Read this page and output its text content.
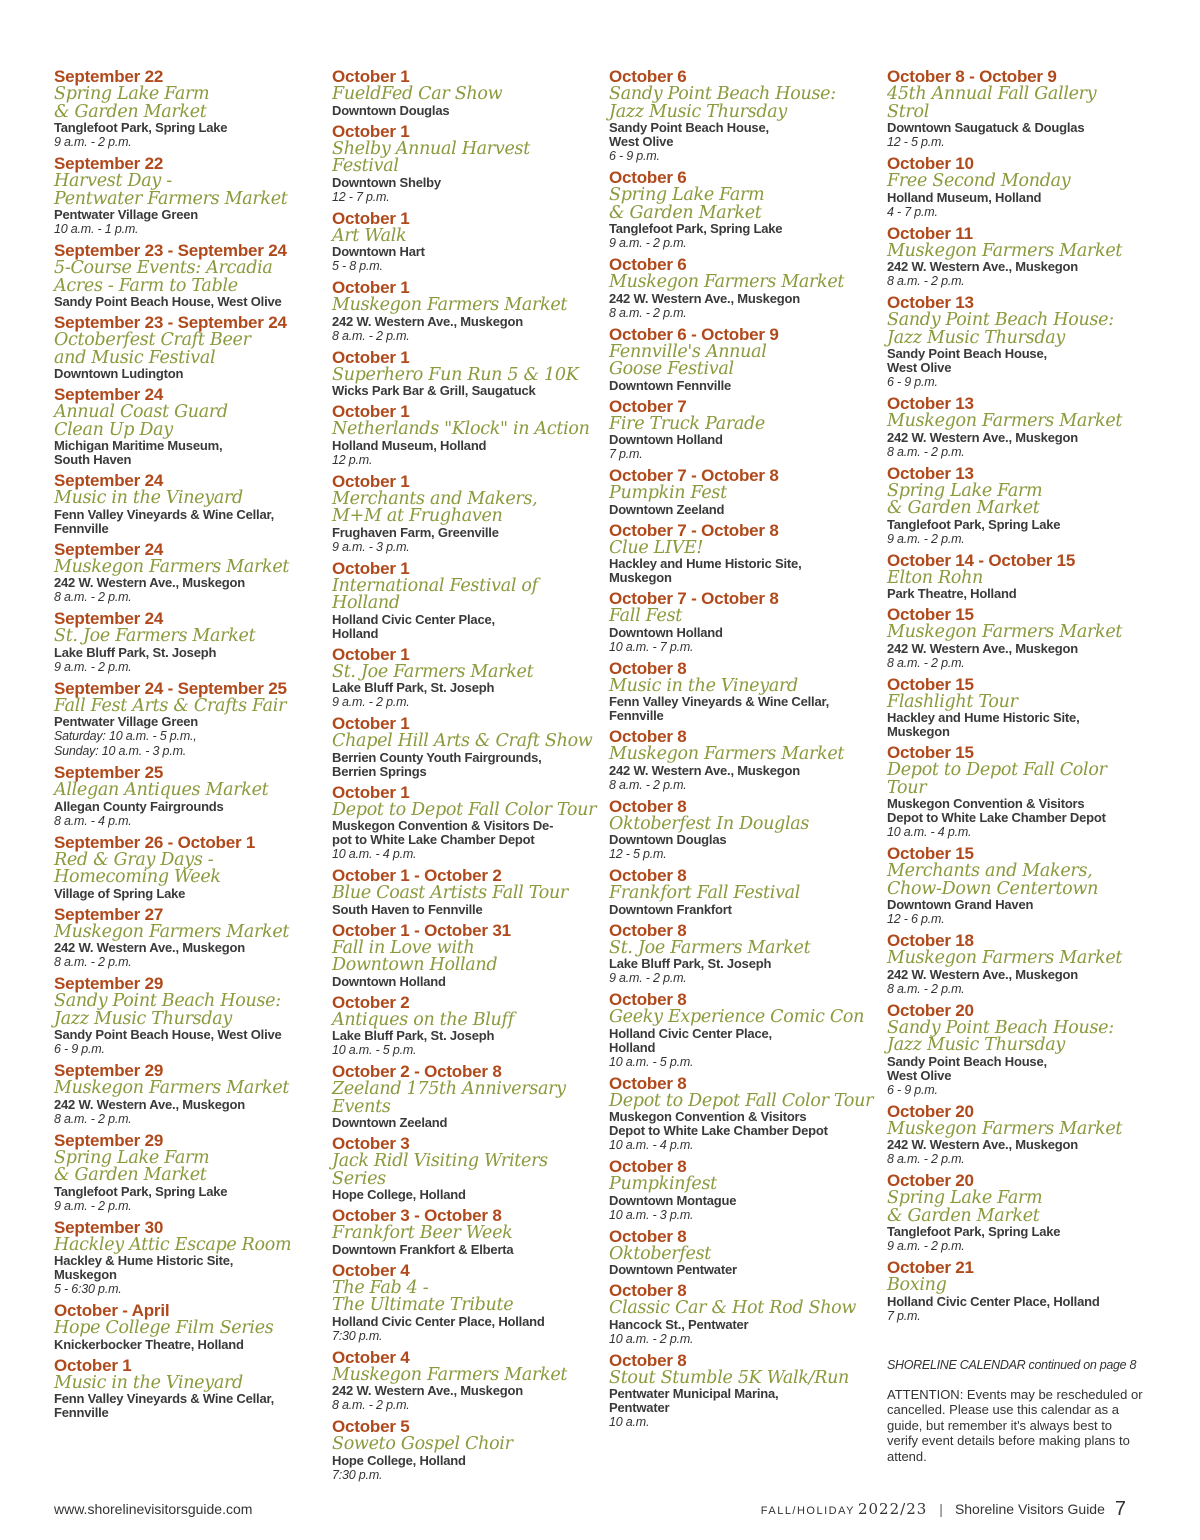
September 22
Spring Lake Farm
& Garden Market
Tanglefoot Park, Spring Lake
9 a.m. - 2 p.m.
September 22
Harvest Day -
Pentwater Farmers Market
Pentwater Village Green
10 a.m. - 1 p.m.
September 23 - September 24
5-Course Events: Arcadia
Acres - Farm to Table
Sandy Point Beach House, West Olive
September 23 - September 24
Octoberfest Craft Beer
and Music Festival
Downtown Ludington
September 24
Annual Coast Guard
Clean Up Day
Michigan Maritime Museum,
South Haven
September 24
Music in the Vineyard
Fenn Valley Vineyards & Wine Cellar,
Fennville
September 24
Muskegon Farmers Market
242 W. Western Ave., Muskegon
8 a.m. - 2 p.m.
September 24
St. Joe Farmers Market
Lake Bluff Park, St. Joseph
9 a.m. - 2 p.m.
September 24 - September 25
Fall Fest Arts & Crafts Fair
Pentwater Village Green
Saturday: 10 a.m. - 5 p.m.,
Sunday: 10 a.m. - 3 p.m.
September 25
Allegan Antiques Market
Allegan County Fairgrounds
8 a.m. - 4 p.m.
September 26 - October 1
Red & Gray Days -
Homecoming Week
Village of Spring Lake
September 27
Muskegon Farmers Market
242 W. Western Ave., Muskegon
8 a.m. - 2 p.m.
September 29
Sandy Point Beach House:
Jazz Music Thursday
Sandy Point Beach House, West Olive
6 - 9 p.m.
September 29
Muskegon Farmers Market
242 W. Western Ave., Muskegon
8 a.m. - 2 p.m.
September 29
Spring Lake Farm
& Garden Market
Tanglefoot Park, Spring Lake
9 a.m. - 2 p.m.
September 30
Hackley Attic Escape Room
Hackley & Hume Historic Site,
Muskegon
5 - 6:30 p.m.
October - April
Hope College Film Series
Knickerbocker Theatre, Holland
October 1
Music in the Vineyard
Fenn Valley Vineyards & Wine Cellar,
Fennville
October 1
FueldFed Car Show
Downtown Douglas
October 1
Shelby Annual Harvest Festival
Downtown Shelby
12 - 7 p.m.
October 1
Art Walk
Downtown Hart
5 - 8 p.m.
October 1
Muskegon Farmers Market
242 W. Western Ave., Muskegon
8 a.m. - 2 p.m.
October 1
Superhero Fun Run 5 & 10K
Wicks Park Bar & Grill, Saugatuck
October 1
Netherlands "Klock" in Action
Holland Museum, Holland
12 p.m.
October 1
Merchants and Makers,
M+M at Frughaven
Frughaven Farm, Greenville
9 a.m. - 3 p.m.
October 1
International Festival of Holland
Holland Civic Center Place,
Holland
October 1
St. Joe Farmers Market
Lake Bluff Park, St. Joseph
9 a.m. - 2 p.m.
October 1
Chapel Hill Arts & Craft Show
Berrien County Youth Fairgrounds,
Berrien Springs
October 1
Depot to Depot Fall Color Tour
Muskegon Convention & Visitors De-
pot to White Lake Chamber Depot
10 a.m. - 4 p.m.
October 1 - October 2
Blue Coast Artists Fall Tour
South Haven to Fennville
October 1 - October 31
Fall in Love with
Downtown Holland
Downtown Holland
October 2
Antiques on the Bluff
Lake Bluff Park, St. Joseph
10 a.m. - 5 p.m.
October 2 - October 8
Zeeland 175th Anniversary
Events
Downtown Zeeland
October 3
Jack Ridl Visiting Writers Series
Hope College, Holland
October 3 - October 8
Frankfort Beer Week
Downtown Frankfort & Elberta
October 4
The Fab 4 -
The Ultimate Tribute
Holland Civic Center Place, Holland
7:30 p.m.
October 4
Muskegon Farmers Market
242 W. Western Ave., Muskegon
8 a.m. - 2 p.m.
October 5
Soweto Gospel Choir
Hope College, Holland
7:30 p.m.
October 6
Sandy Point Beach House:
Jazz Music Thursday
Sandy Point Beach House,
West Olive
6 - 9 p.m.
October 6
Spring Lake Farm
& Garden Market
Tanglefoot Park, Spring Lake
9 a.m. - 2 p.m.
October 6
Muskegon Farmers Market
242 W. Western Ave., Muskegon
8 a.m. - 2 p.m.
October 6 - October 9
Fennville's Annual
Goose Festival
Downtown Fennville
October 7
Fire Truck Parade
Downtown Holland
7 p.m.
October 7 - October 8
Pumpkin Fest
Downtown Zeeland
October 7 - October 8
Clue LIVE!
Hackley and Hume Historic Site,
Muskegon
October 7 - October 8
Fall Fest
Downtown Holland
10 a.m. - 7 p.m.
October 8
Music in the Vineyard
Fenn Valley Vineyards & Wine Cellar,
Fennville
October 8
Muskegon Farmers Market
242 W. Western Ave., Muskegon
8 a.m. - 2 p.m.
October 8
Oktoberfest In Douglas
Downtown Douglas
12 - 5 p.m.
October 8
Frankfort Fall Festival
Downtown Frankfort
October 8
St. Joe Farmers Market
Lake Bluff Park, St. Joseph
9 a.m. - 2 p.m.
October 8
Geeky Experience Comic Con
Holland Civic Center Place,
Holland
10 a.m. - 5 p.m.
October 8
Depot to Depot Fall Color Tour
Muskegon Convention & Visitors
Depot to White Lake Chamber Depot
10 a.m. - 4 p.m.
October 8
Pumpkinfest
Downtown Montague
10 a.m. - 3 p.m.
October 8
Oktoberfest
Downtown Pentwater
October 8
Classic Car & Hot Rod Show
Hancock St., Pentwater
10 a.m. - 2 p.m.
October 8
Stout Stumble 5K Walk/Run
Pentwater Municipal Marina,
Pentwater
10 a.m.
October 8 - October 9
45th Annual Fall Gallery Strol
Downtown Saugatuck & Douglas
12 - 5 p.m.
October 10
Free Second Monday
Holland Museum, Holland
4 - 7 p.m.
October 11
Muskegon Farmers Market
242 W. Western Ave., Muskegon
8 a.m. - 2 p.m.
October 13
Sandy Point Beach House:
Jazz Music Thursday
Sandy Point Beach House,
West Olive
6 - 9 p.m.
October 13
Muskegon Farmers Market
242 W. Western Ave., Muskegon
8 a.m. - 2 p.m.
October 13
Spring Lake Farm
& Garden Market
Tanglefoot Park, Spring Lake
9 a.m. - 2 p.m.
October 14 - October 15
Elton Rohn
Park Theatre, Holland
October 15
Muskegon Farmers Market
242 W. Western Ave., Muskegon
8 a.m. - 2 p.m.
October 15
Flashlight Tour
Hackley and Hume Historic Site,
Muskegon
October 15
Depot to Depot Fall Color Tour
Muskegon Convention & Visitors
Depot to White Lake Chamber Depot
10 a.m. - 4 p.m.
October 15
Merchants and Makers,
Chow-Down Centertown
Downtown Grand Haven
12 - 6 p.m.
October 18
Muskegon Farmers Market
242 W. Western Ave., Muskegon
8 a.m. - 2 p.m.
October 20
Sandy Point Beach House:
Jazz Music Thursday
Sandy Point Beach House,
West Olive
6 - 9 p.m.
October 20
Muskegon Farmers Market
242 W. Western Ave., Muskegon
8 a.m. - 2 p.m.
October 20
Spring Lake Farm
& Garden Market
Tanglefoot Park, Spring Lake
9 a.m. - 2 p.m.
October 21
Boxing
Holland Civic Center Place, Holland
7 p.m.
SHORELINE CALENDAR continued on page 8
ATTENTION: Events may be rescheduled or cancelled. Please use this calendar as a guide, but remember it's always best to verify event details before making plans to attend.
www.shorelinevisitorsguide.com	FALL/HOLIDAY 2022/23 | Shoreline Visitors Guide 7
